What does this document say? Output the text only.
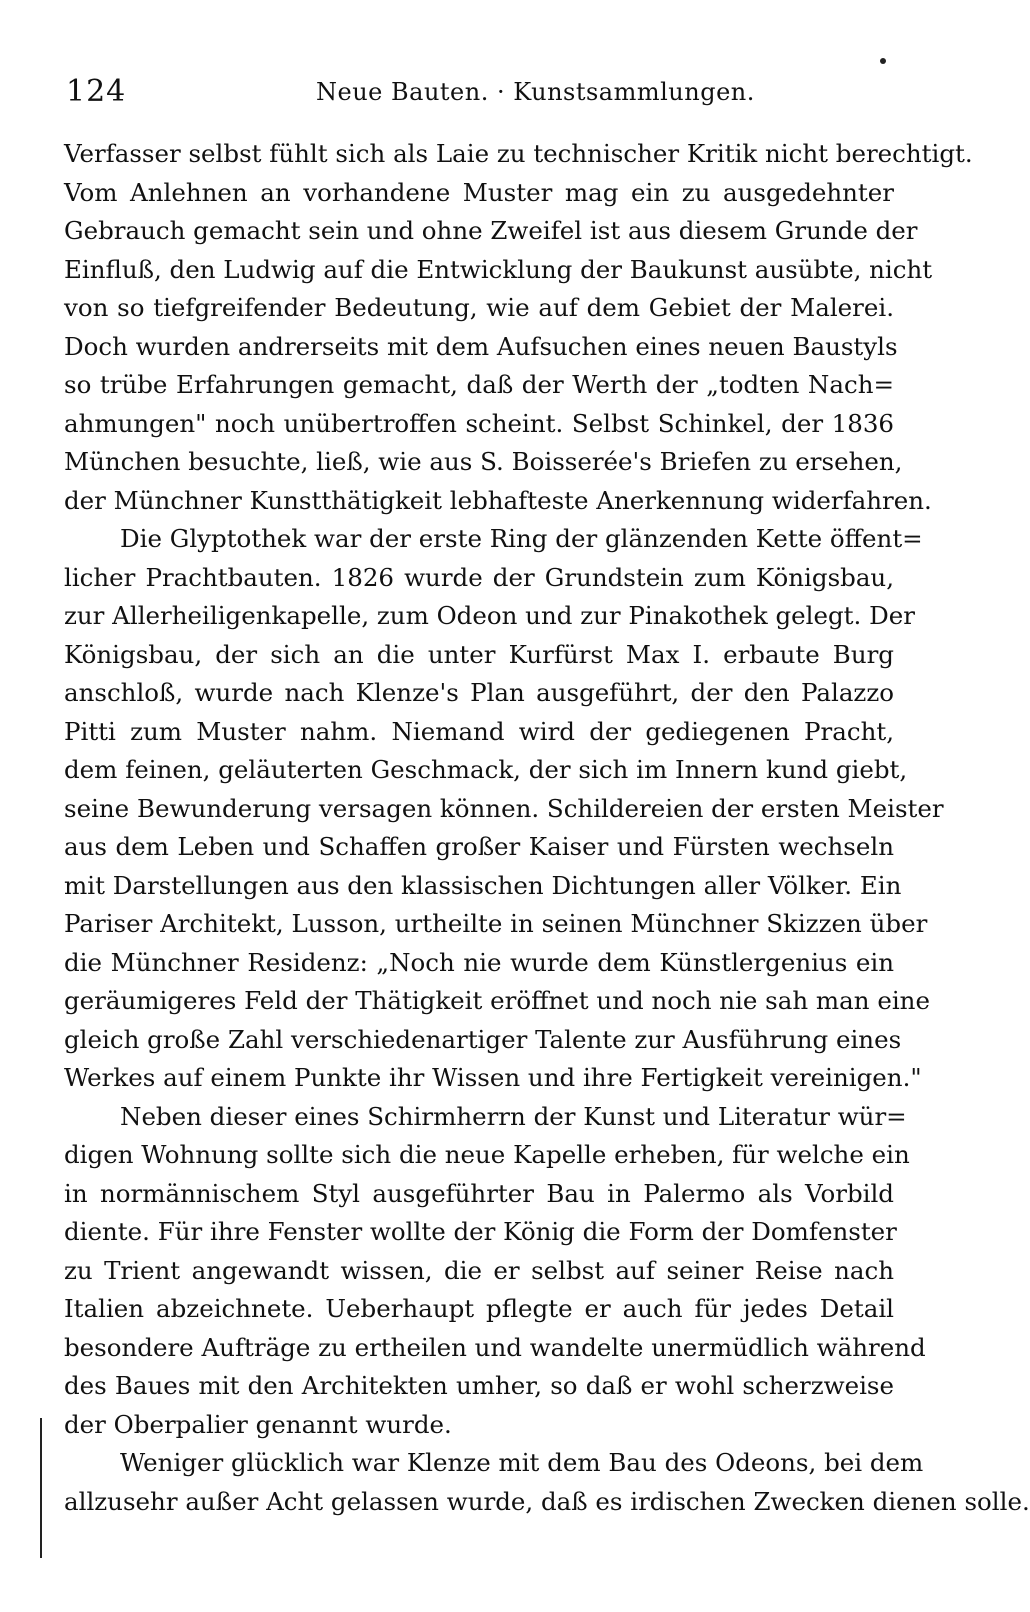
124	Neue Bauten. · Kunstsammlungen.
Verfasser selbst fühlt sich als Laie zu technischer Kritik nicht berechtigt.
Vom Anlehnen an vorhandene Muster mag ein zu ausgedehnter
Gebrauch gemacht sein und ohne Zweifel ist aus diesem Grunde der
Einfluß, den Ludwig auf die Entwicklung der Baukunst ausübte, nicht
von so tiefgreifender Bedeutung, wie auf dem Gebiet der Malerei.
Doch wurden andrerseits mit dem Aufsuchen eines neuen Baustyls
so trübe Erfahrungen gemacht, daß der Werth der „todten Nach=
ahmungen" noch unübertroffen scheint. Selbst Schinkel, der 1836
München besuchte, ließ, wie aus S. Boisserée's Briefen zu ersehen,
der Münchner Kunstthätigkeit lebhafteste Anerkennung widerfahren.
Die Glyptothek war der erste Ring der glänzenden Kette öffent=
licher Prachtbauten. 1826 wurde der Grundstein zum Königsbau,
zur Allerheiligenkapelle, zum Odeon und zur Pinakothek gelegt. Der
Königsbau, der sich an die unter Kurfürst Max I. erbaute Burg
anschloß, wurde nach Klenze's Plan ausgeführt, der den Palazzo
Pitti zum Muster nahm. Niemand wird der gediegenen Pracht,
dem feinen, geläuterten Geschmack, der sich im Innern kund giebt,
seine Bewunderung versagen können. Schildereien der ersten Meister
aus dem Leben und Schaffen großer Kaiser und Fürsten wechseln
mit Darstellungen aus den klassischen Dichtungen aller Völker. Ein
Pariser Architekt, Lusson, urtheilte in seinen Münchner Skizzen über
die Münchner Residenz: „Noch nie wurde dem Künstlergenius ein
geräumigeres Feld der Thätigkeit eröffnet und noch nie sah man eine
gleich große Zahl verschiedenartiger Talente zur Ausführung eines
Werkes auf einem Punkte ihr Wissen und ihre Fertigkeit vereinigen."
Neben dieser eines Schirmherrn der Kunst und Literatur wür=
digen Wohnung sollte sich die neue Kapelle erheben, für welche ein
in normännischem Styl ausgeführter Bau in Palermo als Vorbild
diente. Für ihre Fenster wollte der König die Form der Domfenster
zu Trient angewandt wissen, die er selbst auf seiner Reise nach
Italien abzeichnete. Ueberhaupt pflegte er auch für jedes Detail
besondere Aufträge zu ertheilen und wandelte unermüdlich während
des Baues mit den Architekten umher, so daß er wohl scherzweise
der Oberpalier genannt wurde.
Weniger glücklich war Klenze mit dem Bau des Odeons, bei dem
allzusehr außer Acht gelassen wurde, daß es irdischen Zwecken dienen solle.
